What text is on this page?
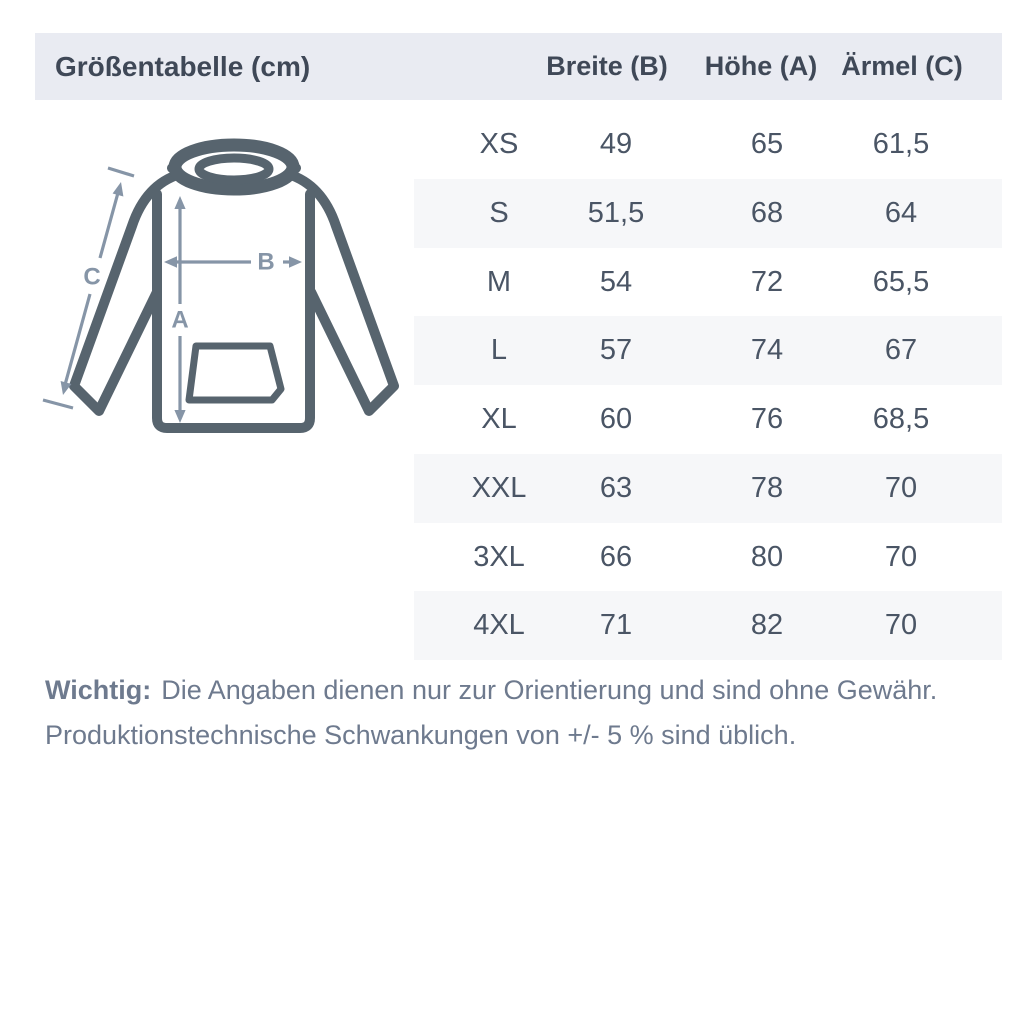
Größentabelle (cm)	Breite (B)	Höhe (A) Ärmel (C)
A
B
C
XS	49	65	61,5
S	51,5	68	64
M	54	72	65,5
L	57	74	67
XL	60	76	68,5
XXL	63	78	70
3XL	66	80	70
4XL	71	82	70
Wichtig: Die Angaben dienen nur zur Orientierung und sind ohne Gewähr.
Produktionstechnische Schwankungen von +/- 5 % sind üblich.
